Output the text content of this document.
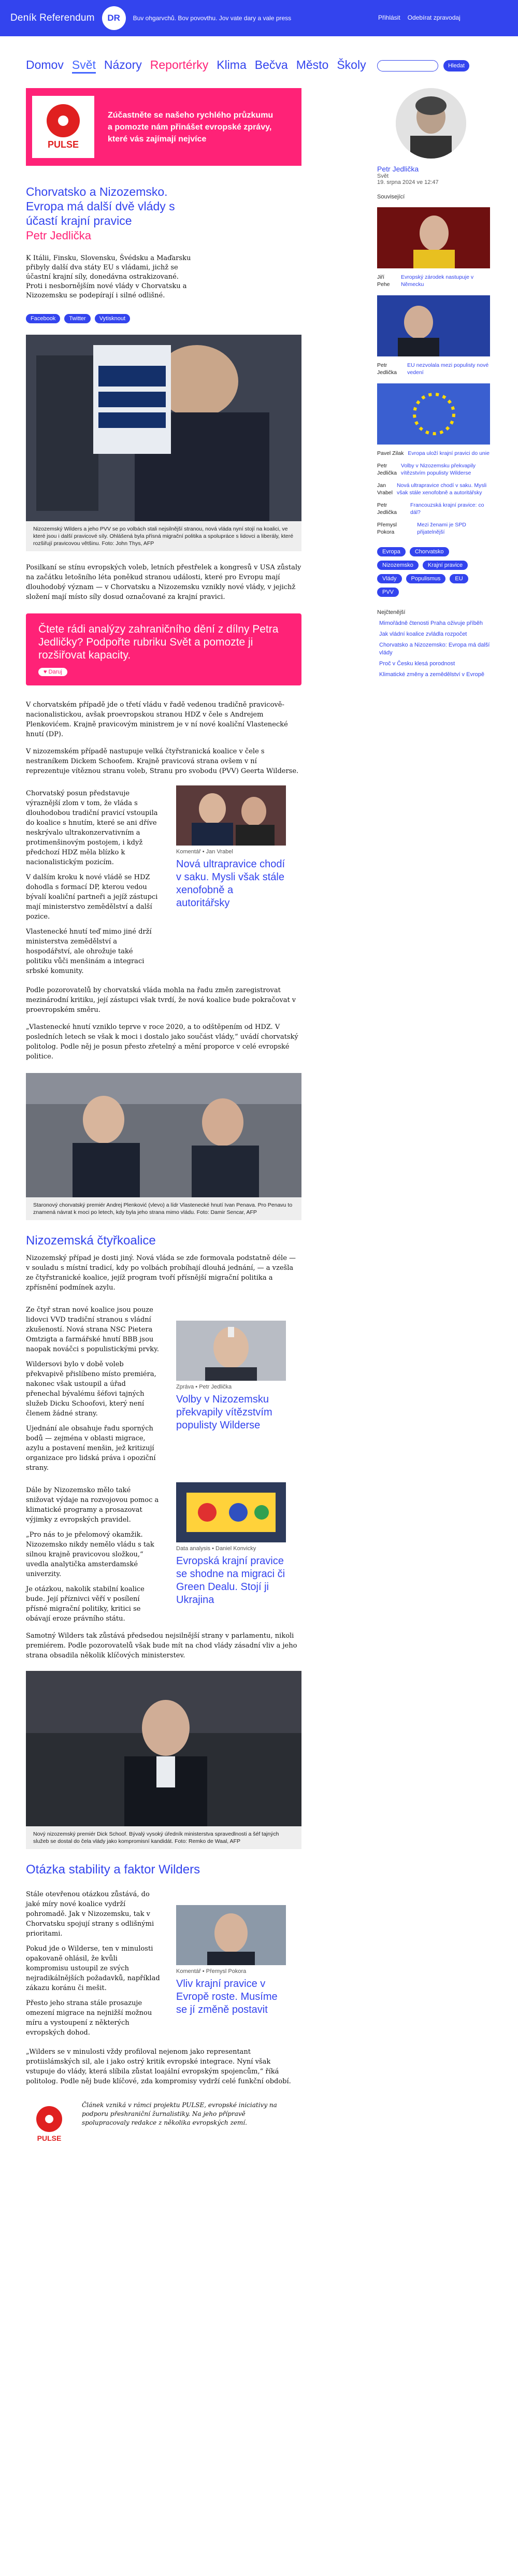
Deník Referendum	DR	Buv ohgarvchů. Bov povovthu. Jov vate dary a vale press	Přihlásit Odebírat zpravodaj
Domov Svět Názory Reportérky Klima Bečva Město Školy	Hledat
PULSE
Zúčastněte se našeho rychlého průzkumu a pomozte nám přinášet evropské zprávy, které vás zajímají nejvíce
Chorvatsko a Nizozemsko. Evropa má další dvě vlády s účastí krajní pravice
Petr Jedlička
K Itálii, Finsku, Slovensku, Švédsku a Maďarsku přibyly další dva státy EU s vládami, jichž se účastní krajní síly, donedávna ostrakizované. Proti i nesbornějším nové vlády v Chorvatsku a Nizozemsku se podepírají i silné odlišné.
Facebook	Twitter	Vytisknout
Nizozemský Wilders a jeho PVV se po volbách stali nejsilnější stranou, nová vláda nyní stojí na koalici, ve které jsou i další pravicové síly. Ohlášená byla přísná migrační politika a spolupráce s lidovci a liberály, které rozšiřují pravicovou většinu. Foto: John Thys, AFP

Posilkaní se stínu evropských voleb, letních přestřelek a kongresů v USA zůstaly na začátku letošního léta poněkud stranou události, které pro Evropu mají dlouhodobý význam — v Chorvatsku a Nizozemsku vznikly nové vlády, v jejichž složení mají místo síly dosud označované za krajní pravici.

Čtete rádi analýzy zahraničního dění z dílny Petra Jedličky? Podpořte rubriku Svět a pomozte ji rozšiřovat kapacity.
♥ Daruj

V chorvatském případě jde o třetí vládu v řadě vedenou tradičně pravicově-nacionalistickou, avšak proevropskou stranou HDZ v čele s Andrejem Plenkovićem. Krajně pravicovým ministrem je v ní nové koaliční Vlastenecké hnutí (DP).

V nizozemském případě nastupuje velká čtyřstranická koalice v čele s nestraníkem Dickem Schoofem. Krajně pravicová strana ovšem v ní reprezentuje vítěznou stranu voleb, Stranu pro svobodu (PVV) Geerta Wilderse.

Chorvatský posun představuje výraznější zlom v tom, že vláda s dlouhodobou tradiční pravicí vstoupila do koalice s hnutím, které se ani dříve neskrývalo ultrakonzervativním a protimenšinovým postojem, i když předchozí HDZ měla blízko k nacionalistickým pozicím.

V dalším kroku k nové vládě se HDZ dohodla s formací DP, kterou vedou bývalí koaliční partneři a jejíž zástupci mají ministerstvo zemědělství a další pozice.

Vlastenecké hnutí teď mimo jiné drží ministerstva zemědělství a hospodářství, ale ohrožuje také politiku vůči menšinám a integraci srbské komunity.

Komentář • Jan Vrabel
Nová ultrapravice chodí v saku. Mysli však stále xenofobně a autoritářsky

Podle pozorovatelů by chorvatská vláda mohla na řadu změn zaregistrovat mezinárodní kritiku, její zástupci však tvrdí, že nová koalice bude pokračovat v proevropském směru.

„Vlastenecké hnutí vzniklo teprve v roce 2020, a to odštěpením od HDZ. V posledních letech se však k moci i dostalo jako součást vlády,“ uvádí chorvatský politolog. Podle něj je posun přesto zřetelný a mění proporce v celé evropské politice.

Staronový chorvatský premiér Andrej Plenković (vlevo) a lídr Vlastenecké hnutí Ivan Penava. Pro Penavu to znamená návrat k moci po letech, kdy byla jeho strana mimo vládu. Foto: Damir Sencar, AFP
Nizozemská čtyřkoalice

Nizozemský případ je dosti jiný. Nová vláda se zde formovala podstatně déle — v souladu s místní tradicí, kdy po volbách probíhají dlouhá jednání, — a vzešla ze čtyřstranické koalice, jejíž program tvoří přísnější migrační politika a zpřísnění podmínek azylu.

Ze čtyř stran nové koalice jsou pouze lidovci VVD tradiční stranou s vládní zkušeností. Nová strana NSC Pietera Omtzigta a farmářské hnutí BBB jsou naopak nováčci s populistickými prvky.

Wildersovi bylo v době voleb překvapivě přislíbeno místo premiéra, nakonec však ustoupil a úřad přenechal bývalému šéfovi tajných služeb Dicku Schoofovi, který není členem žádné strany.

Ujednání ale obsahuje řadu sporných bodů — zejména v oblasti migrace, azylu a postavení menšin, jež kritizují organizace pro lidská práva i opoziční strany.

Zpráva • Petr Jedlička
Volby v Nizozemsku překvapily vítězstvím populisty Wilderse

Dále by Nizozemsko mělo také snižovat výdaje na rozvojovou pomoc a klimatické programy a prosazovat výjimky z evropských pravidel.

„Pro nás to je přelomový okamžik. Nizozemsko nikdy nemělo vládu s tak silnou krajně pravicovou složkou,“ uvedla analytička amsterdamské univerzity.

Je otázkou, nakolik stabilní koalice bude. Její příznivci věří v posílení přísné migrační politiky, kritici se obávají eroze právního státu.

Data analysis • Daniel Konvicky
Evropská krajní pravice se shodne na migraci či Green Dealu. Stojí ji Ukrajina

Samotný Wilders tak zůstává předsedou nejsilnější strany v parlamentu, nikoli premiérem. Podle pozorovatelů však bude mít na chod vlády zásadní vliv a jeho strana obsadila několik klíčových ministerstev.

Nový nizozemský premiér Dick Schoof. Bývalý vysoký úředník ministerstva spravedlnosti a šéf tajných služeb se dostal do čela vlády jako kompromisní kandidát. Foto: Remko de Waal, AFP
Otázka stability a faktor Wilders

Stále otevřenou otázkou zůstává, do jaké míry nové koalice vydrží pohromadě. Jak v Nizozemsku, tak v Chorvatsku spojují strany s odlišnými prioritami.

Pokud jde o Wilderse, ten v minulosti opakovaně ohlásil, že kvůli kompromisu ustoupil ze svých nejradikálnějších požadavků, například zákazu koránu či mešit.

Přesto jeho strana stále prosazuje omezení migrace na nejnižší možnou míru a vystoupení z některých evropských dohod.

Komentář • Přemysl Pokora
Vliv krajní pravice v Evropě roste. Musíme se jí změně postavit

„Wilders se v minulosti vždy profiloval nejenom jako representant protiislámských sil, ale i jako ostrý kritik evropské integrace. Nyní však vstupuje do vlády, která slíbila zůstat loajální evropským spojencům,“ říká politolog. Podle něj bude klíčové, zda kompromisy vydrží celé funkční období.

PULSE
Článek vzniká v rámci projektu PULSE, evropské iniciativy na podporu přeshraniční žurnalistiky. Na jeho přípravě spolupracovaly redakce z několika evropských zemí.
Petr Jedlička
Svět
19. srpna 2024 ve 12:47
Související
Jiří Pehe
Evropský zárodek nastupuje v Německu
Petr Jedlička
EU nezvolala mezi populisty nové vedení
Pavel Zilak Evropa uloží krajní pravici do unie
Petr Jedlička
Volby v Nizozemsku překvapily vítězstvím populisty Wilderse
Jan Vrabel
Nová ultrapravice chodí v saku. Mysli však stále xenofobně a autoritářsky
Petr Jedlička
Francouzská krajní pravice: co dál?
Přemysl Pokora
Mezi ženami je SPD přijatelnější
Evropa	Chorvatsko
Nizozemsko	Krajní pravice
Vlády	Populismus	EU
PVV
Nejčtenější
Mimořádně čtenosti Praha oživuje příběh
Jak vládní koalice zvládla rozpočet
Chorvatsko a Nizozemsko: Evropa má další vlády
Proč v Česku klesá porodnost
Klimatické změny a zemědělství v Evropě
